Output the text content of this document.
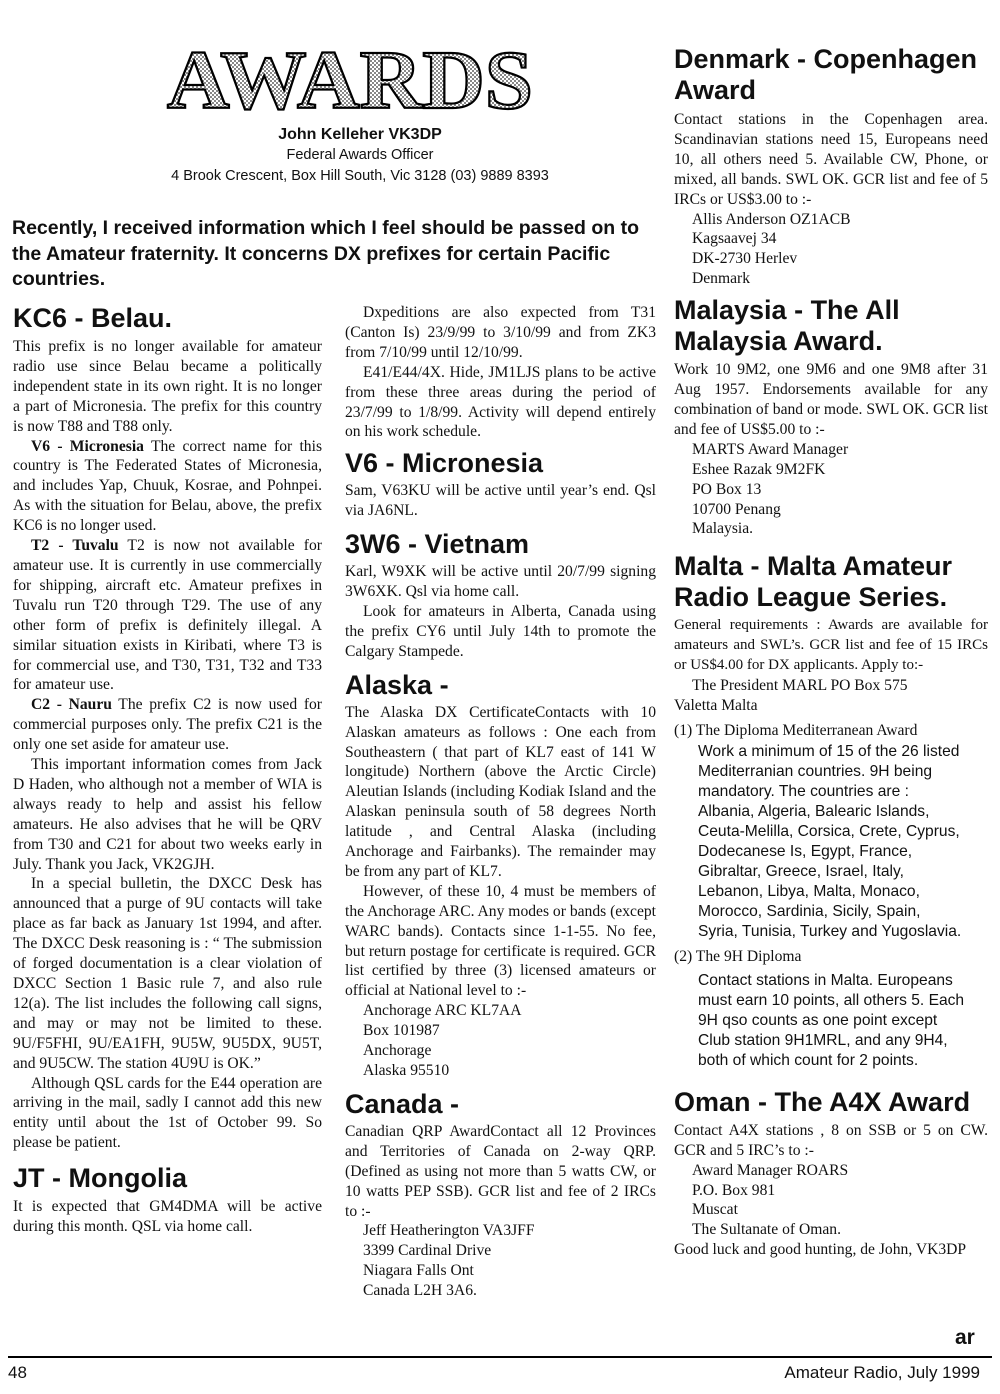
AWARDS
John Kelleher VK3DP
Federal Awards Officer
4 Brook Crescent, Box Hill South, Vic 3128 (03) 9889 8393
Recently, I received information which I feel should be passed on to the Amateur fraternity. It concerns DX prefixes for certain Pacific countries.
KC6 - Belau.

This prefix is no longer available for amateur radio use since Belau became a politically independent state in its own right. It is no longer a part of Micronesia. The prefix for this country is now T88 and T88 only.

V6 - Micronesia The correct name for this country is The Federated States of Micronesia, and includes Yap, Chuuk, Kosrae, and Pohnpei. As with the situation for Belau, above, the prefix KC6 is no longer used.

T2 - Tuvalu T2 is now not available for amateur use. It is currently in use commercially for shipping, aircraft etc. Amateur prefixes in Tuvalu run T20 through T29. The use of any other form of prefix is definitely illegal. A similar situation exists in Kiribati, where T3 is for commercial use, and T30, T31, T32 and T33 for amateur use.

C2 - Nauru The prefix C2 is now used for commercial purposes only. The prefix C21 is the only one set aside for amateur use.

This important information comes from Jack D Haden, who although not a member of WIA is always ready to help and assist his fellow amateurs. He also advises that he will be QRV from T30 and C21 for about two weeks early in July. Thank you Jack, VK2GJH.

In a special bulletin, the DXCC Desk has announced that a purge of 9U contacts will take place as far back as January 1st 1994, and after. The DXCC Desk reasoning is : “ The submission of forged documentation is a clear violation of DXCC Section 1 Basic rule 7, and also rule 12(a). The list includes the following call signs, and may or may not be limited to these. 9U/F5FHI, 9U/EA1FH, 9U5W, 9U5DX, 9U5T, and 9U5CW. The station 4U9U is OK.”

Although QSL cards for the E44 operation are arriving in the mail, sadly I cannot add this new entity until about the 1st of October 99. So please be patient.

JT - Mongolia

It is expected that GM4DMA will be active during this month. QSL via home call.

Dxpeditions are also expected from T31 (Canton Is) 23/9/99 to 3/10/99 and from ZK3 from 7/10/99 until 12/10/99.

E41/E44/4X. Hide, JM1LJS plans to be active from these three areas during the period of 23/7/99 to 1/8/99. Activity will depend entirely on his work schedule.

V6 - Micronesia

Sam, V63KU will be active until year’s end. Qsl via JA6NL.

3W6 - Vietnam

Karl, W9XK will be active until 20/7/99 signing 3W6XK. Qsl via home call.

Look for amateurs in Alberta, Canada using the prefix CY6 until July 14th to promote the Calgary Stampede.

Alaska -

The Alaska DX CertificateContacts with 10 Alaskan amateurs as follows : One each from Southeastern ( that part of KL7 east of 141 W longitude) Northern (above the Arctic Circle) Aleutian Islands (including Kodiak Island and the Alaskan peninsula south of 58 degrees North latitude , and Central Alaska (including Anchorage and Fairbanks). The remainder may be from any part of KL7.

However, of these 10, 4 must be members of the Anchorage ARC. Any modes or bands (except WARC bands). Contacts since 1-1-55. No fee, but return postage for certificate is required. GCR list certified by three (3) licensed amateurs or official at National level to :-

Anchorage ARC KL7AA
Box 101987
Anchorage
Alaska 95510
Canada -

Canadian QRP AwardContact all 12 Provinces and Territories of Canada on 2-way QRP. (Defined as using not more than 5 watts CW, or 10 watts PEP SSB). GCR list and fee of 2 IRCs to :-

Jeff Heatherington VA3JFF
3399 Cardinal Drive
Niagara Falls Ont
Canada L2H 3A6.
Denmark - Copenhagen Award

Contact stations in the Copenhagen area. Scandinavian stations need 15, Europeans need 10, all others need 5. Available CW, Phone, or mixed, all bands. SWL OK. GCR list and fee of 5 IRCs or US$3.00 to :-

Allis Anderson OZ1ACB
Kagsaavej 34
DK-2730 Herlev
Denmark
Malaysia - The All Malaysia Award.

Work 10 9M2, one 9M6 and one 9M8 after 31 Aug 1957. Endorsements available for any combination of band or mode. SWL OK. GCR list and fee of US$5.00 to :-

MARTS Award Manager
Eshee Razak 9M2FK
PO Box 13
10700 Penang
Malaysia.
Malta - Malta Amateur Radio League Series.

General requirements : Awards are available for amateurs and SWL’s. GCR list and fee of 15 IRCs or US$4.00 for DX applicants. Apply to:-

The President MARL PO Box 575

Valetta Malta

(1) The Diploma Mediterranean Award
Work a minimum of 15 of the 26 listed Mediterranian countries. 9H being mandatory. The countries are :
Albania, Algeria, Balearic Islands,
Ceuta-Melilla, Corsica, Crete, Cyprus,
Dodecanese Is, Egypt, France,
Gibraltar, Greece, Israel, Italy,
Lebanon, Libya, Malta, Monaco,
Morocco, Sardinia, Sicily, Spain,
Syria, Tunisia, Turkey and Yugoslavia.
(2) The 9H Diploma
Contact stations in Malta. Europeans
must earn 10 points, all others 5. Each
9H qso counts as one point except
Club station 9H1MRL, and any 9H4,
both of which count for 2 points.
Oman - The A4X Award

Contact A4X stations , 8 on SSB or 5 on CW. GCR and 5 IRC’s to :-

Award Manager ROARS
P.O. Box 981
Muscat
The Sultanate of Oman.

Good luck and good hunting, de John, VK3DP

ar
48	Amateur Radio, July 1999
